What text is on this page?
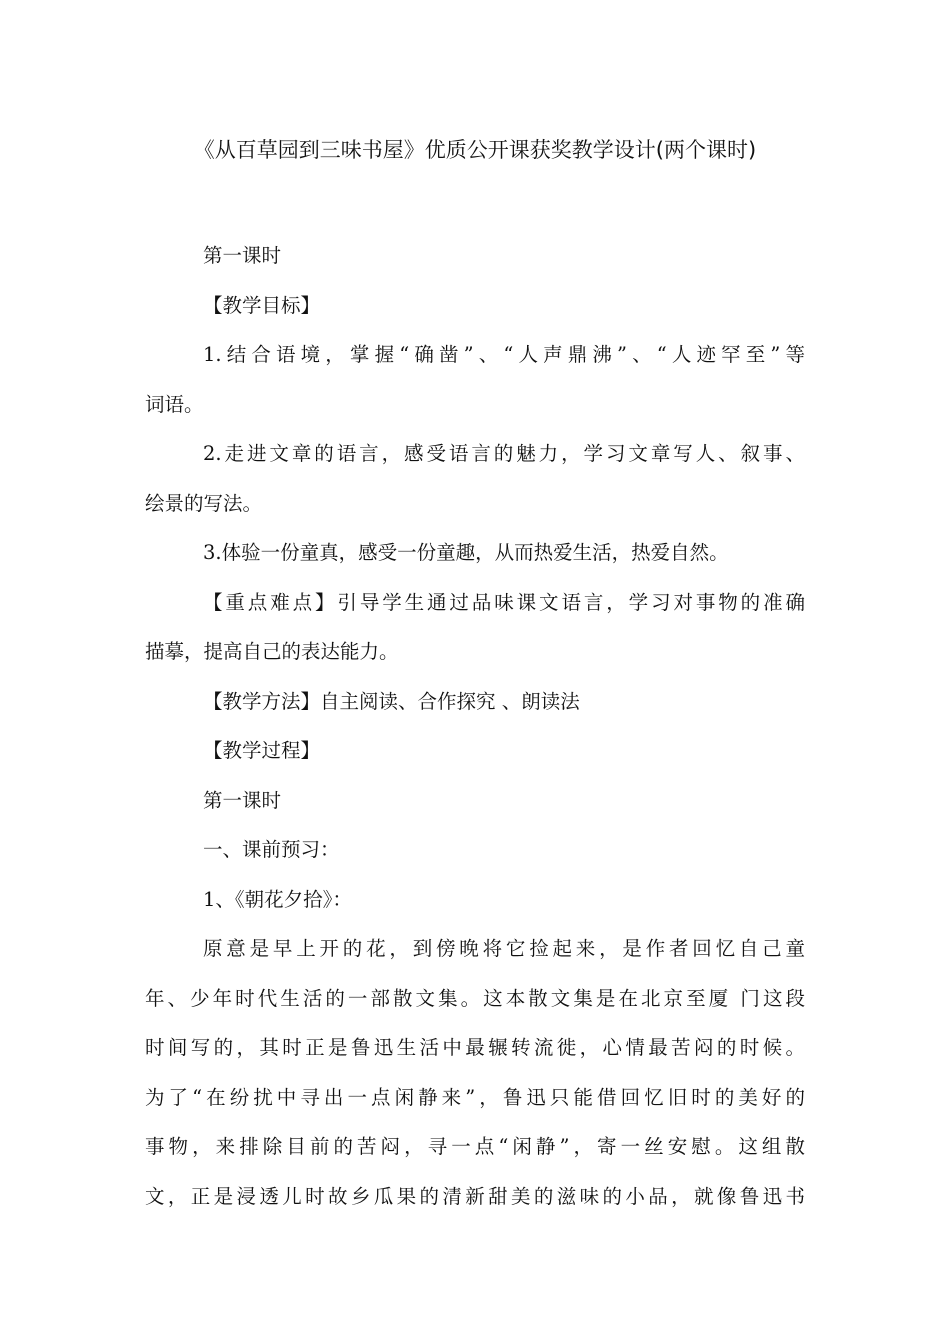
《从百草园到三味书屋》优质公开课获奖教学设计(两个课时)
第一课时
【教学目标】
1.结合语境，掌握“确凿”、“人声鼎沸”、“人迹罕至”等
词语。
2.走进文章的语言，感受语言的魅力，学习文章写人、叙事、
绘景的写法。
3.体验一份童真，感受一份童趣，从而热爱生活，热爱自然。
【重点难点】引导学生通过品味课文语言，学习对事物的准确
描摹，提高自己的表达能力。
【教学方法】自主阅读、合作探究 、朗读法
【教学过程】
第一课时
一、课前预习：
1、《朝花夕拾》：
原意是早上开的花，到傍晚将它捡起来，是作者回忆自己童
年、少年时代生活的一部散文集。这本散文集是在北京至厦 门这段
时间写的，其时正是鲁迅生活中最辗转流徙，心情最苦闷的时候。
为了“在纷扰中寻出一点闲静来”，鲁迅只能借回忆旧时的美好的
事物，来排除目前的苦闷，寻一点“闲静”，寄一丝安慰。这组散
文，正是浸透儿时故乡瓜果的清新甜美的滋味的小品，就像鲁迅书
